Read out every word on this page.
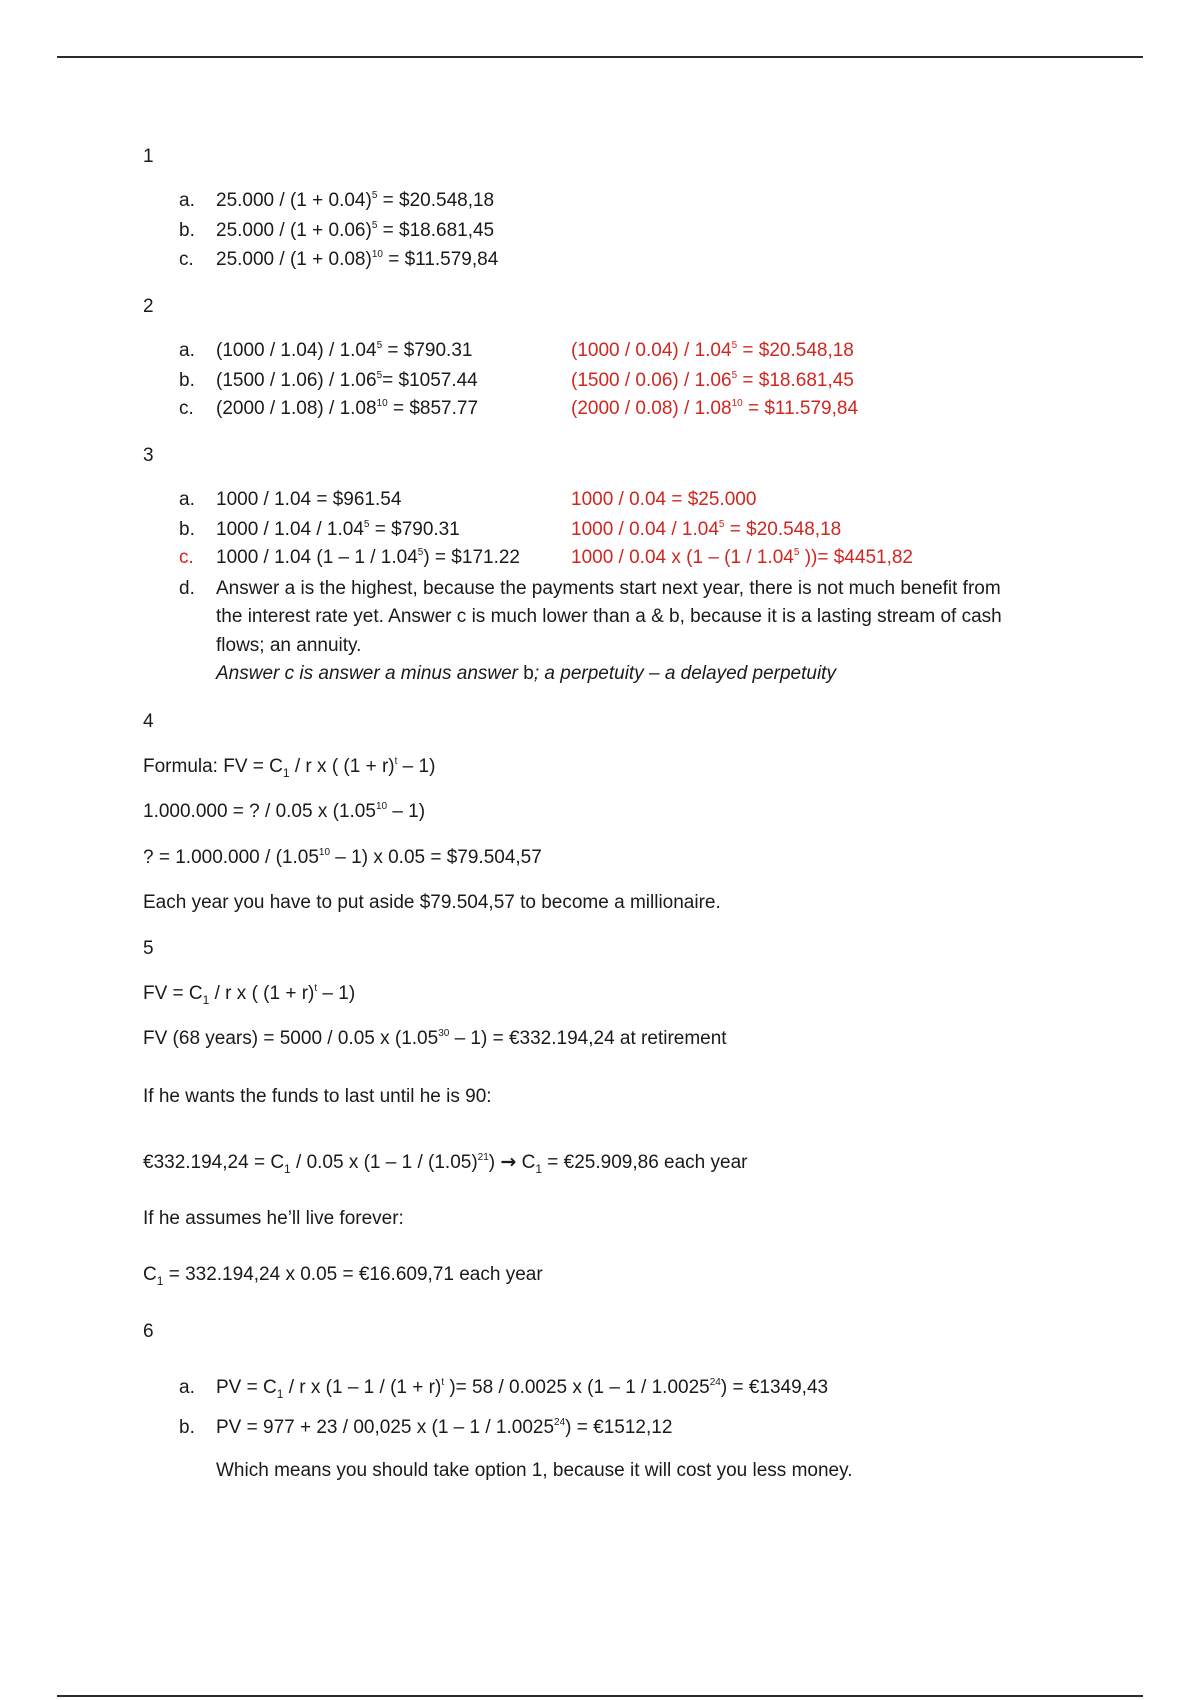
1
a. $25.000 / (1 + 0.04)^5$ = $20.548,18
b. $25.000 / (1 + 0.06)^5$ = $18.681,45
c. $25.000 / (1 + 0.08)^{10}$ = $11.579,84
2
a. $(1000 / 1.04) / 1.04^5$ = $790.31	$(1000 / 0.04) / 1.04^5$ = $20.548,18
b. $(1500 / 1.06) / 1.06^5=$ $1057.44	$(1500 / 0.06) / 1.06^5$ = $18.681,45
c. $(2000 / 1.08) / 1.08^{10}$ = $857.77	$(2000 / 0.08) / 1.08^{10}$ = $11.579,84
3
a. 1000 / 1.04 = $961.54	1000 / 0.04 = $25.000
b. $1000 / 1.04 / 1.04^5$ = $790.31	$1000 / 0.04 / 1.04^5$ = $20.548,18
c. 1000 / 1.04 $(1 - 1 / 1.04^5)$ = $171.22	1000 / 0.04 x (1 – (1 / 1.04$^5$ ))= $4451,82
d. Answer a is the highest, because the payments start next year, there is not much benefit from
the interest rate yet. Answer c is much lower than a & b, because it is a lasting stream of cash
flows; an annuity.
Answer c is answer a minus answer b; a perpetuity – a delayed perpetuity
4
Formula: FV = $C_1$ / r x ( $(1 + r)^t - 1$)
1.000.000 = ? / 0.05 x (1.05$^{10}$ – 1)
? = 1.000.000 / (1.05$^{10}$ – 1) x 0.05 = $79.504,57
Each year you have to put aside $79.504,57 to become a millionaire.
5
FV = $C_1$ / r x ( $(1 + r)^t - 1$)
FV (68 years) = 5000 / 0.05 x (1.05$^{30}$ – 1) = €332.194,24 at retirement
If he wants the funds to last until he is 90:
€332.194,24 = $C_1 / 0.05$ x $(1 - 1 / (1.05)^{21}) \to C_1$ = €25.909,86 each year
If he assumes he’ll live forever:
$C_1 = 332.194,24$ x 0.05 = €16.609,71 each year
6
a. PV = $C_1$ / r x ($1 - 1 / (1 + r)^t$ )= 58 / 0.0025 x $(1 - 1 / 1.0025^{24})$ = €1349,43
b. PV = 977 + 23 / 00,025 x $(1 - 1 / 1.0025^{24})$ = €1512,12
Which means you should take option 1, because it will cost you less money.
